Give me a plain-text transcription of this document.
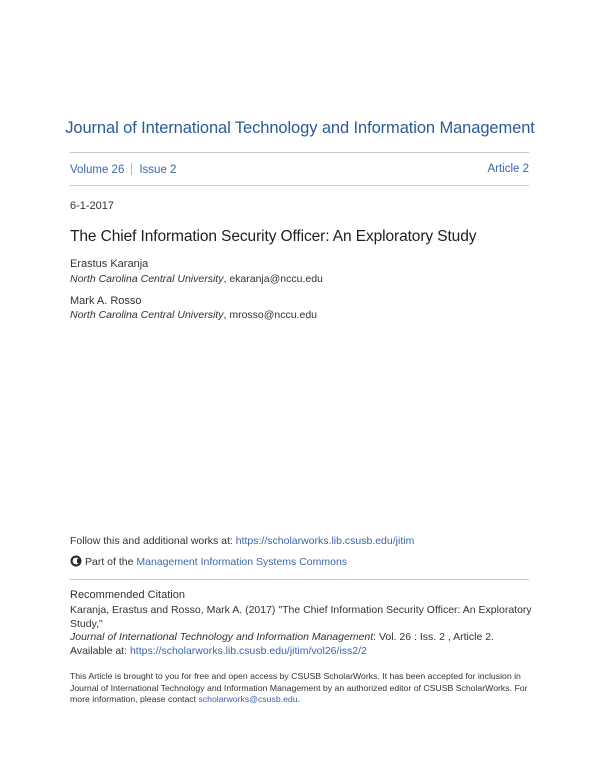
Journal of International Technology and Information Management
Volume 26 Issue 2	Article 2
6-1-2017
The Chief Information Security Officer: An Exploratory Study
Erastus Karanja
North Carolina Central University, ekaranja@nccu.edu
Mark A. Rosso
North Carolina Central University, mrosso@nccu.edu
Follow this and additional works at: https://scholarworks.lib.csusb.edu/jitim
Part of the Management Information Systems Commons
Recommended Citation
Karanja, Erastus and Rosso, Mark A. (2017) "The Chief Information Security Officer: An Exploratory Study,"
Journal of International Technology and Information Management: Vol. 26 : Iss. 2 , Article 2.
Available at: https://scholarworks.lib.csusb.edu/jitim/vol26/iss2/2
This Article is brought to you for free and open access by CSUSB ScholarWorks. It has been accepted for inclusion in Journal of International Technology and Information Management by an authorized editor of CSUSB ScholarWorks. For more information, please contact scholarworks@csusb.edu.
